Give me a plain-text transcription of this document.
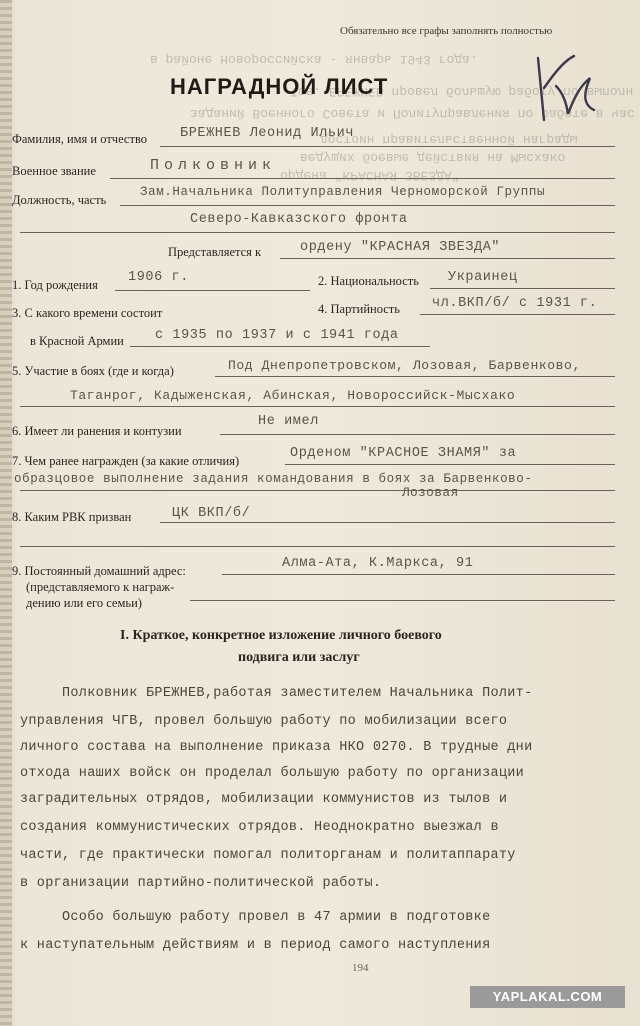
в районе Новороссийска - январь 1943 года.
Тов. БРЕЖНЕВ провел большую работу по выполн
заданий Военного Совета и Политуправления по работе в час
ведущих боевые действия на Мысхако
достоин правительственной награды
ордена "КРАСНАЯ ЗВЕЗДА"
Обязательно все графы заполнять полностью
НАГРАДНОЙ ЛИСТ
Фамилия, имя и отчество БРЕЖНЕВ Леонид Ильич
Военное звание	Полковник
Должность, часть
Зам.Начальника Политуправления Черноморской Группы
Северо-Кавказского фронта
Представляется к	ордену "КРАСНАЯ ЗВЕЗДА"
1. Год рождения 1906 г.	2. Национальность Украинец
3. С какого времени состоит	4. Партийность чл.ВКП/б/ с 1931 г.
в Красной Армии с 1935 по 1937 и с 1941 года
5. Участие в боях (где и когда)	Под Днепропетровском, Лозовая, Барвенково,
Таганрог, Кадыженская, Абинская, Новороссийск-Мысхако
6. Имеет ли ранения и контузии
Не имел
7. Чем ранее награжден (за какие отличия)	Орденом "КРАСНОЕ ЗНАМЯ" за
образцовое выполнение задания командования в боях за Барвенково-
Лозовая
8. Каким РВК призван	ЦК ВКП/б/
9. Постоянный домашний адрес:	Алма-Ата, К.Маркса, 91
(представляемого к награж-
дению или его семьи)
I. Краткое, конкретное изложение личного боевого
подвига или заслуг
Полковник БРЕЖНЕВ,работая заместителем Начальника Полит-
управления ЧГВ, провел большую работу по мобилизации всего
личного состава на выполнение приказа НКО 0270. В трудные дни
отхода наших войск он проделал большую работу по организации
заградительных отрядов, мобилизации коммунистов из тылов и
создания коммунистических отрядов. Неоднократно выезжал в
части, где практически помогал политорганам и политаппарату
в организации партийно-политической работы.
Особо большую работу провел в 47 армии в подготовке
к наступательным действиям и в период самого наступления
194
YAPLAKAL.COM
